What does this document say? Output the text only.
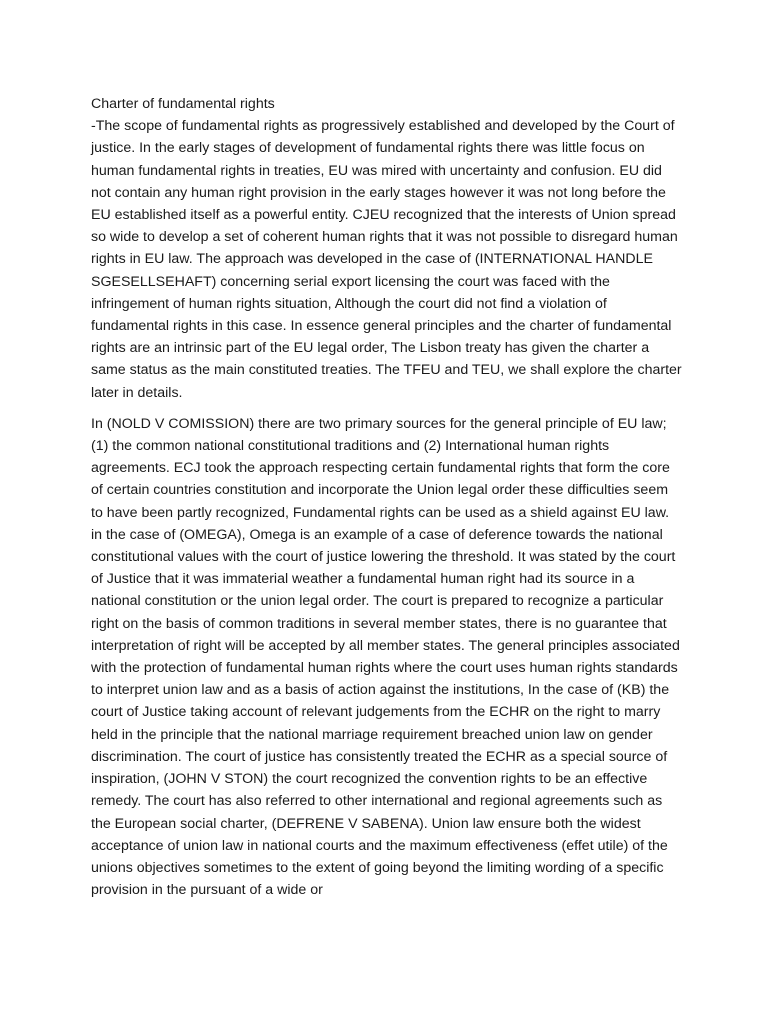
Charter of fundamental rights

-The scope of fundamental rights as progressively established and developed by the Court of justice. In the early stages of development of fundamental rights there was little focus on human fundamental rights in treaties, EU was mired with uncertainty and confusion. EU did not contain any human right provision in the early stages however it was not long before the EU established itself as a powerful entity. CJEU recognized that the interests of Union spread so wide to develop a set of coherent human rights that it was not possible to disregard human rights in EU law. The approach was developed in the case of (INTERNATIONAL HANDLE SGESELLSEHAFT) concerning serial export licensing the court was faced with the infringement of human rights situation, Although the court did not find a violation of fundamental rights in this case. In essence general principles and the charter of fundamental rights are an intrinsic part of the EU legal order, The Lisbon treaty has given the charter a same status as the main constituted treaties. The TFEU and TEU, we shall explore the charter later in details.

In (NOLD V COMISSION) there are two primary sources for the general principle of EU law; (1) the common national constitutional traditions and (2) International human rights agreements. ECJ took the approach respecting certain fundamental rights that form the core of certain countries constitution and incorporate the Union legal order these difficulties seem to have been partly recognized, Fundamental rights can be used as a shield against EU law. in the case of (OMEGA), Omega is an example of a case of deference towards the national constitutional values with the court of justice lowering the threshold. It was stated by the court of Justice that it was immaterial weather a fundamental human right had its source in a national constitution or the union legal order. The court is prepared to recognize a particular right on the basis of common traditions in several member states, there is no guarantee that interpretation of right will be accepted by all member states. The general principles associated with the protection of fundamental human rights where the court uses human rights standards to interpret union law and as a basis of action against the institutions, In the case of (KB) the court of Justice taking account of relevant judgements from the ECHR on the right to marry held in the principle that the national marriage requirement breached union law on gender discrimination. The court of justice has consistently treated the ECHR as a special source of inspiration, (JOHN V STON) the court recognized the convention rights to be an effective remedy. The court has also referred to other international and regional agreements such as the European social charter, (DEFRENE V SABENA). Union law ensure both the widest acceptance of union law in national courts and the maximum effectiveness (effet utile) of the unions objectives sometimes to the extent of going beyond the limiting wording of a specific provision in the pursuant of a wide or
